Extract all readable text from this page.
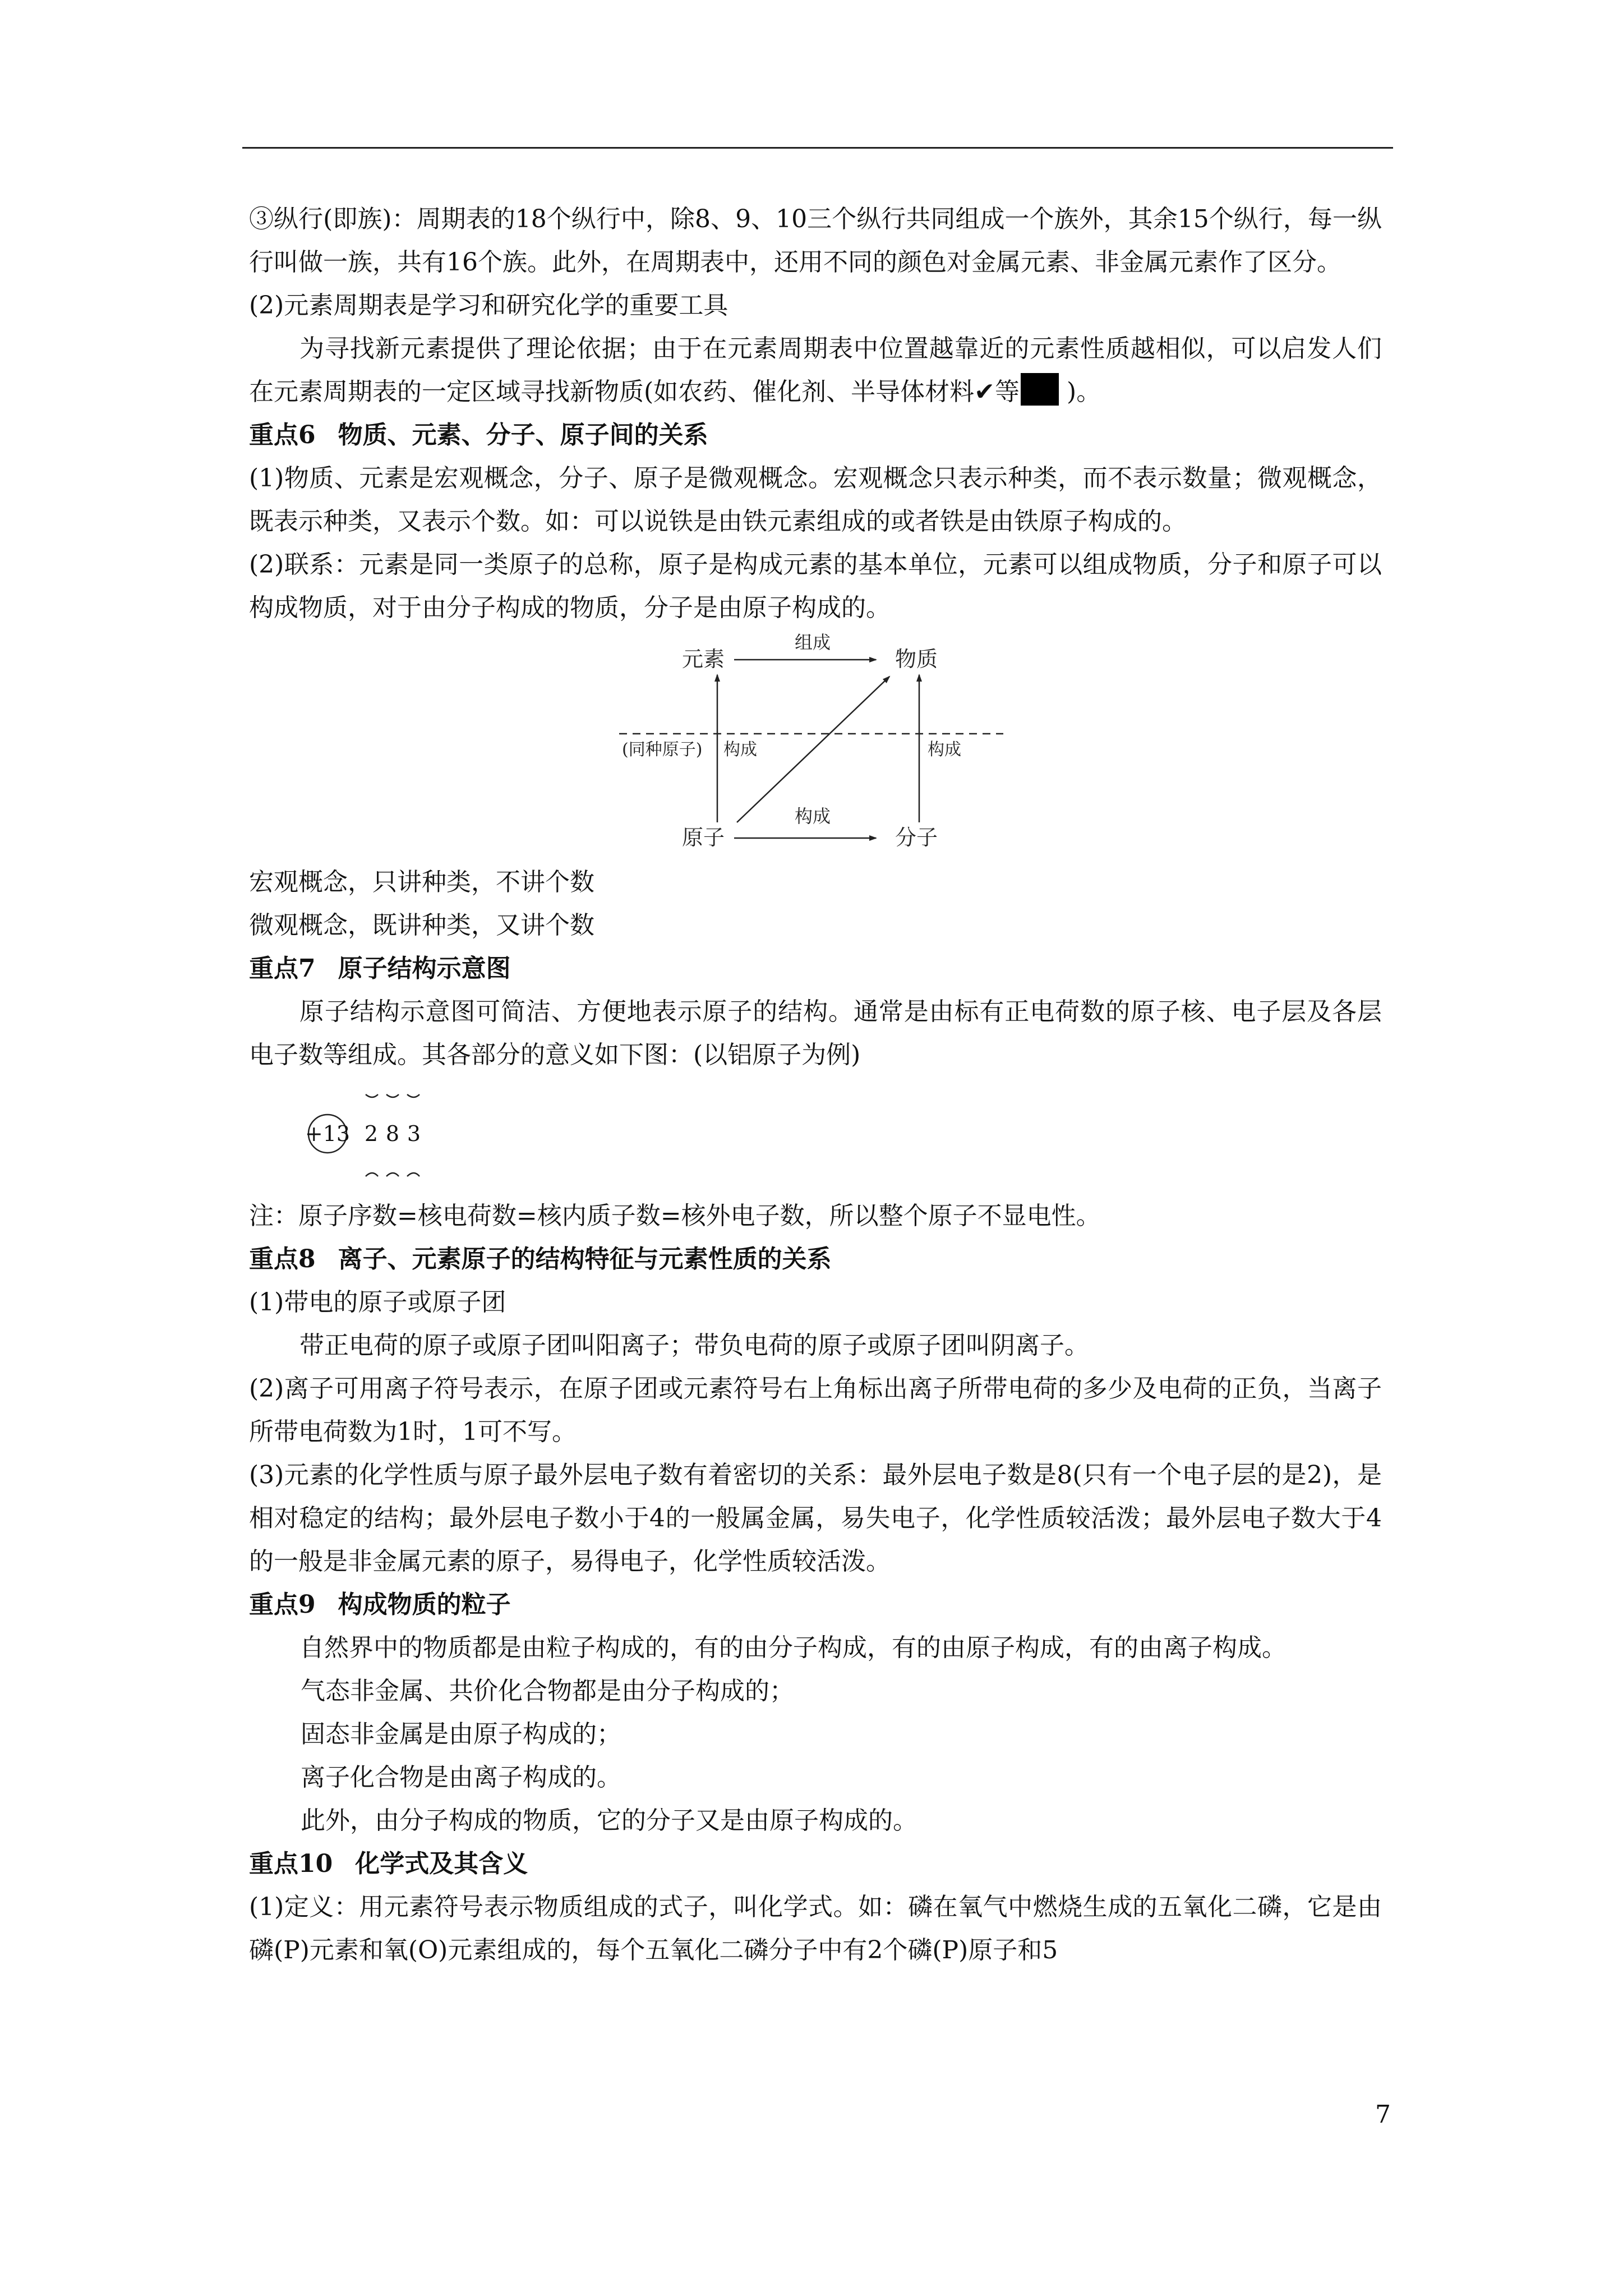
③纵行(即族)：周期表的18个纵行中，除8、9、10三个纵行共同组成一个族外，其余15个纵行，每一纵行叫做一族，共有16个族。此外，在周期表中，还用不同的颜色对金属元素、非金属元素作了区分。

(2)元素周期表是学习和研究化学的重要工具

为寻找新元素提供了理论依据；由于在元素周期表中位置越靠近的元素性质越相似，可以启发人们在元素周期表的一定区域寻找新物质(如农药、催化剂、半导体材料✔等 )。

重点6 物质、元素、分子、原子间的关系

(1)物质、元素是宏观概念，分子、原子是微观概念。宏观概念只表示种类，而不表示数量；微观概念，既表示种类，又表示个数。如：可以说铁是由铁元素组成的或者铁是由铁原子构成的。

(2)联系：元素是同一类原子的总称，原子是构成元素的基本单位，元素可以组成物质，分子和原子可以构成物质，对于由分子构成的物质，分子是由原子构成的。

元素	物质
原子	分子
组成
构成
(同种原子) 构成	构成

宏观概念，只讲种类，不讲个数

微观概念，既讲种类，又讲个数

重点7 原子结构示意图

原子结构示意图可简洁、方便地表示原子的结构。通常是由标有正电荷数的原子核、电子层及各层电子数等组成。其各部分的意义如下图：(以铝原子为例)

+13 2 8 3

注：原子序数=核电荷数=核内质子数=核外电子数，所以整个原子不显电性。

重点8 离子、元素原子的结构特征与元素性质的关系

(1)带电的原子或原子团

带正电荷的原子或原子团叫阳离子；带负电荷的原子或原子团叫阴离子。

(2)离子可用离子符号表示，在原子团或元素符号右上角标出离子所带电荷的多少及电荷的正负，当离子所带电荷数为1时，1可不写。

(3)元素的化学性质与原子最外层电子数有着密切的关系：最外层电子数是8(只有一个电子层的是2)，是相对稳定的结构；最外层电子数小于4的一般属金属，易失电子，化学性质较活泼；最外层电子数大于4的一般是非金属元素的原子，易得电子，化学性质较活泼。

重点9 构成物质的粒子

自然界中的物质都是由粒子构成的，有的由分子构成，有的由原子构成，有的由离子构成。

气态非金属、共价化合物都是由分子构成的；

固态非金属是由原子构成的；

离子化合物是由离子构成的。

此外，由分子构成的物质，它的分子又是由原子构成的。

重点10 化学式及其含义

(1)定义：用元素符号表示物质组成的式子，叫化学式。如：磷在氧气中燃烧生成的五氧化二磷，它是由磷(P)元素和氧(O)元素组成的，每个五氧化二磷分子中有2个磷(P)原子和5

7
